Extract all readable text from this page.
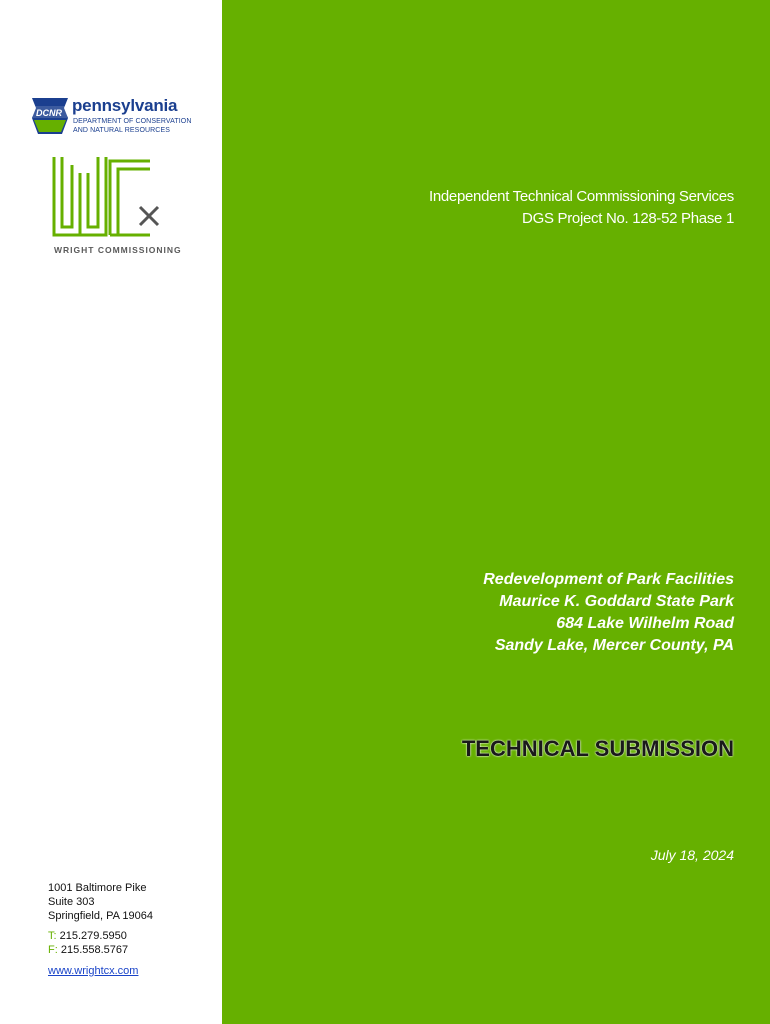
DCNR pennsylvania
DEPARTMENT OF CONSERVATION
AND NATURAL RESOURCES
WRIGHT COMMISSIONING
Independent Technical Commissioning Services
DGS Project No. 128-52 Phase 1
Redevelopment of Park Facilities
Maurice K. Goddard State Park
684 Lake Wilhelm Road
Sandy Lake, Mercer County, PA
TECHNICAL SUBMISSION
July 18, 2024
1001 Baltimore Pike
Suite 303
Springfield, PA 19064
T: 215.279.5950
F: 215.558.5767
www.wrightcx.com
